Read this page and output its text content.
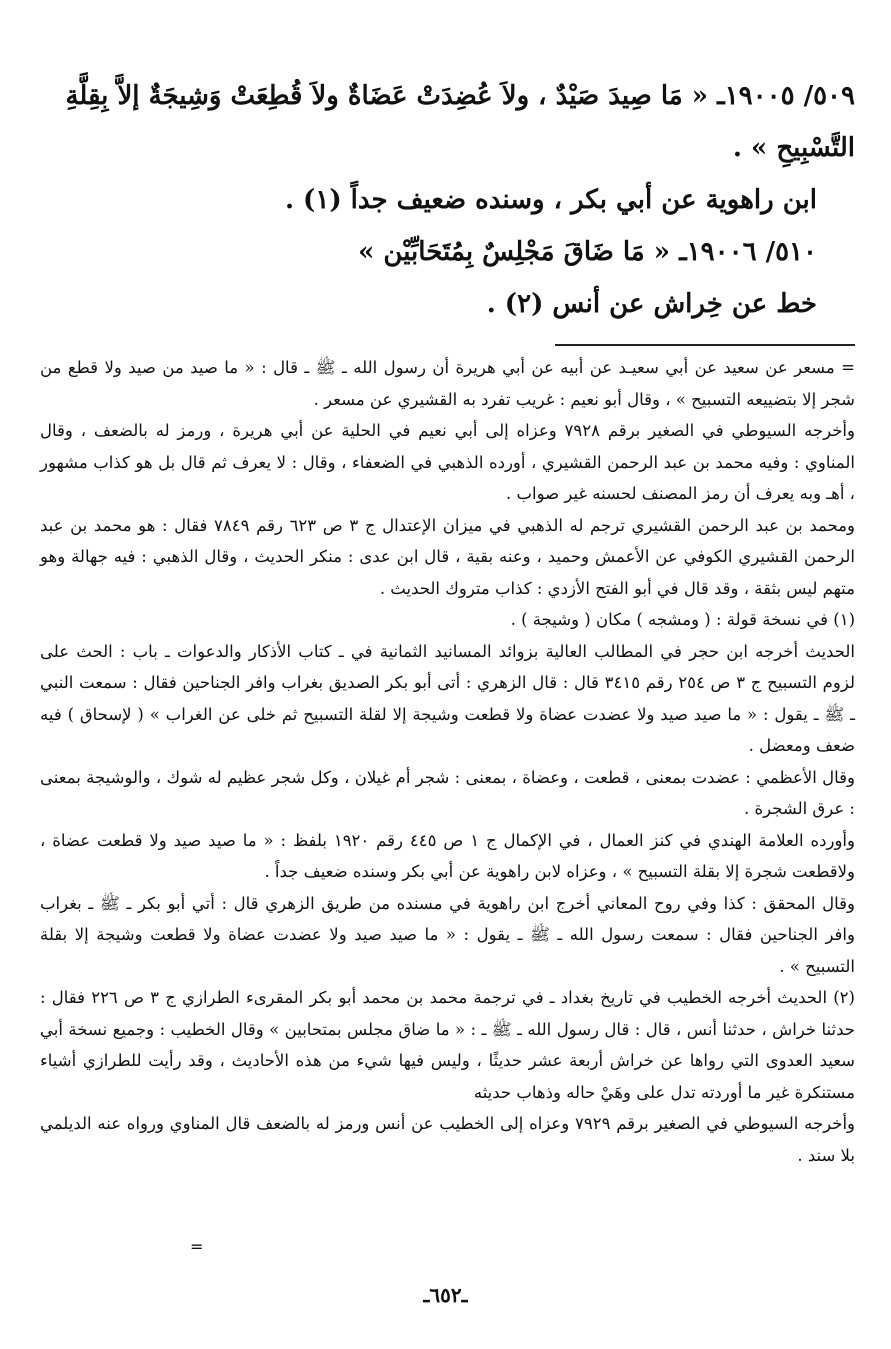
٥٠٩/ ١٩٠٠٥ـ « مَا صِيدَ صَيْدٌ ، ولاَ عُضِدَتْ عَضَاةٌ ولاَ قُطِعَتْ وَشِيجَةٌ إلاَّ بِقِلَّةِ
التَّسْبِيحِ » .
ابن راهوية عن أبي بكر ، وسنده ضعيف جداً (١) .
٥١٠/ ١٩٠٠٦ـ « مَا ضَاقَ مَجْلِسٌ بِمُتَحَابِّيْن »
خط عن خِراش عن أنس (٢) .
= مسعر عن سعيد عن أبي سعيـد عن أبيه عن أبي هريرة أن رسول الله ـ ﷺ ـ قال : « ما صيد من صيد ولا قطع من شجر إلا بتضييعه التسبيح » ، وقال أبو نعيم : غريب تفرد به القشيري عن مسعر .
وأخرجه السيوطي في الصغير برقم ٧٩٢٨ وعزاه إلى أبي نعيم في الحلية عن أبي هريرة ، ورمز له بالضعف ، وقال المناوي : وفيه محمد بن عبد الرحمن القشيري ، أورده الذهبي في الضعفاء ، وقال : لا يعرف ثم قال بل هو كذاب مشهور ، أهـ وبه يعرف أن رمز المصنف لحسنه غير صواب .
ومحمد بن عبد الرحمن القشيري ترجم له الذهبي في ميزان الإعتدال ج ٣ ص ٦٢٣ رقم ٧٨٤٩ فقال : هو محمد بن عبد الرحمن القشيري الكوفي عن الأعمش وحميد ، وعنه بقية ، قال ابن عدى : منكر الحديث ، وقال الذهبي : فيه جهالة وهو متهم ليس بثقة ، وقد قال في أبو الفتح الأزدي : كذاب متروك الحديث .
(١) في نسخة قولة : ( ومشجه ) مكان ( وشيجة ) .
الحديث أخرجه ابن حجر في المطالب العالية بزوائد المسانيد الثمانية في ـ كتاب الأذكار والدعوات ـ باب : الحث على لزوم التسبيح ج ٣ ص ٢٥٤ رقم ٣٤١٥ قال : قال الزهري : أتى أبو بكر الصديق بغراب وافر الجناحين فقال : سمعت النبي ـ ﷺ ـ يقول : « ما صيد صيد ولا عضدت عضاة ولا قطعت وشيجة إلا لقلة التسبيح ثم خلى عن الغراب » ( لإسحاق ) فيه ضعف ومعضل .
وقال الأعظمي : عضدت بمعنى ، قطعت ، وعضاة ، بمعنى : شجر أم غيلان ، وكل شجر عظيم له شوك ، والوشيجة بمعنى : عرق الشجرة .
وأورده العلامة الهندي في كنز العمال ، في الإكمال ج ١ ص ٤٤٥ رقم ١٩٢٠ بلفظ : « ما صيد صيد ولا قطعت عضاة ، ولاقطعت شجرة إلا بقلة التسبيح » ، وعزاه لابن راهوية عن أبي بكر وسنده ضعيف جداً .
وقال المحقق : كذا وفي روح المعاني أخرج ابن راهوية في مسنده من طريق الزهري قال : أتي أبو بكر ـ ﷺ ـ بغراب وافر الجناحين فقال : سمعت رسول الله ـ ﷺ ـ يقول : « ما صيد صيد ولا عضدت عضاة ولا قطعت وشيجة إلا بقلة التسبيح » .
(٢) الحديث أخرجه الخطيب في تاريخ بغداد ـ في ترجمة محمد بن محمد أبو بكر المقرىء الطرازي ج ٣ ص ٢٢٦ فقال : حدثنا خراش ، حدثنا أنس ، قال : قال رسول الله ـ ﷺ ـ : « ما ضاق مجلس بمتحابين » وقال الخطيب : وجميع نسخة أبي سعيد العدوى التي رواها عن خراش أربعة عشر حديثًا ، وليس فيها شيء من هذه الأحاديث ، وقد رأيت للطرازي أشياء مستنكرة غير ما أوردته تدل على وهَيْ حاله وذهاب حديثه
وأخرجه السيوطي في الصغير برقم ٧٩٢٩ وعزاه إلى الخطيب عن أنس ورمز له بالضعف قال المناوي ورواه عنه الديلمي بلا سند .
=
ـ٦٥٢ـ
